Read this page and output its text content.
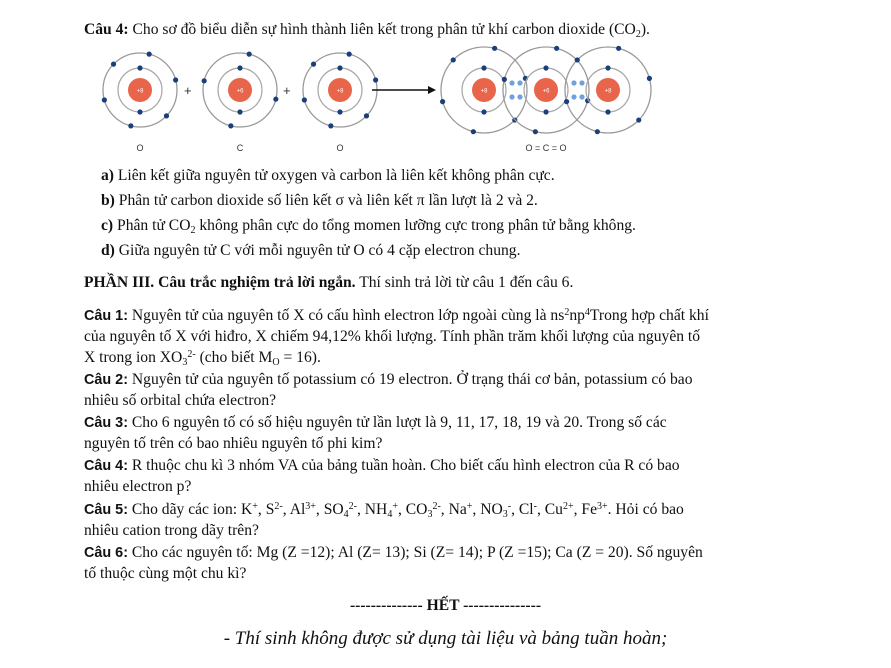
Câu 4: Cho sơ đồ biểu diễn sự hình thành liên kết trong phân tử khí carbon dioxide $(CO_2)$.
+8	+6	+8	+8	+6	+8
+	+
O	C	O	O = C = O
a) Liên kết giữa nguyên tử oxygen và carbon là liên kết không phân cực.
b) Phân tử carbon dioxide số liên kết σ và liên kết π lần lượt là 2 và 2.
c) Phân tử $CO_2$ không phân cực do tổng momen lưỡng cực trong phân tử bằng không.
d) Giữa nguyên tử C với mỗi nguyên tử O có 4 cặp electron chung.
PHẦN III. Câu trắc nghiệm trả lời ngắn. Thí sinh trả lời từ câu 1 đến câu 6.
Câu 1: Nguyên tử của nguyên tố X có cấu hình electron lớp ngoài cùng là $ns^2np^4Trong$ hợp chất khí
của nguyên tố X với hiđro, X chiếm 94,12% khối lượng. Tính phần trăm khối lượng của nguyên tố
X trong ion $XO_3^{2-}$ (cho biết $M_O = 16$).
Câu 2: Nguyên tử của nguyên tố potassium có 19 electron. Ở trạng thái cơ bản, potassium có bao
nhiêu số orbital chứa electron?
Câu 3: Cho 6 nguyên tố có số hiệu nguyên tử lần lượt là 9, 11, 17, 18, 19 và 20. Trong số các
nguyên tố trên có bao nhiêu nguyên tố phi kim?
Câu 4: R thuộc chu kì 3 nhóm VA của bảng tuần hoàn. Cho biết cấu hình electron của R có bao
nhiêu electron p?
Câu 5: Cho dãy các ion: K+, $S^{2-}$, $Al^{3+}$, $SO_4^{2-}$, $NH_4^+$, $CO_3^{2-}$, Na+, $NO_3^-$, Cl-, $Cu^{2+}$, $Fe^{3+}$. Hỏi có bao
nhiêu cation trong dãy trên?
Câu 6: Cho các nguyên tố: Mg (Z =12); Al (Z= 13); Si (Z= 14); P (Z =15); Ca (Z = 20). Số nguyên
tố thuộc cùng một chu kì?
-------------- HẾT ---------------
- Thí sinh không được sử dụng tài liệu và bảng tuần hoàn;
